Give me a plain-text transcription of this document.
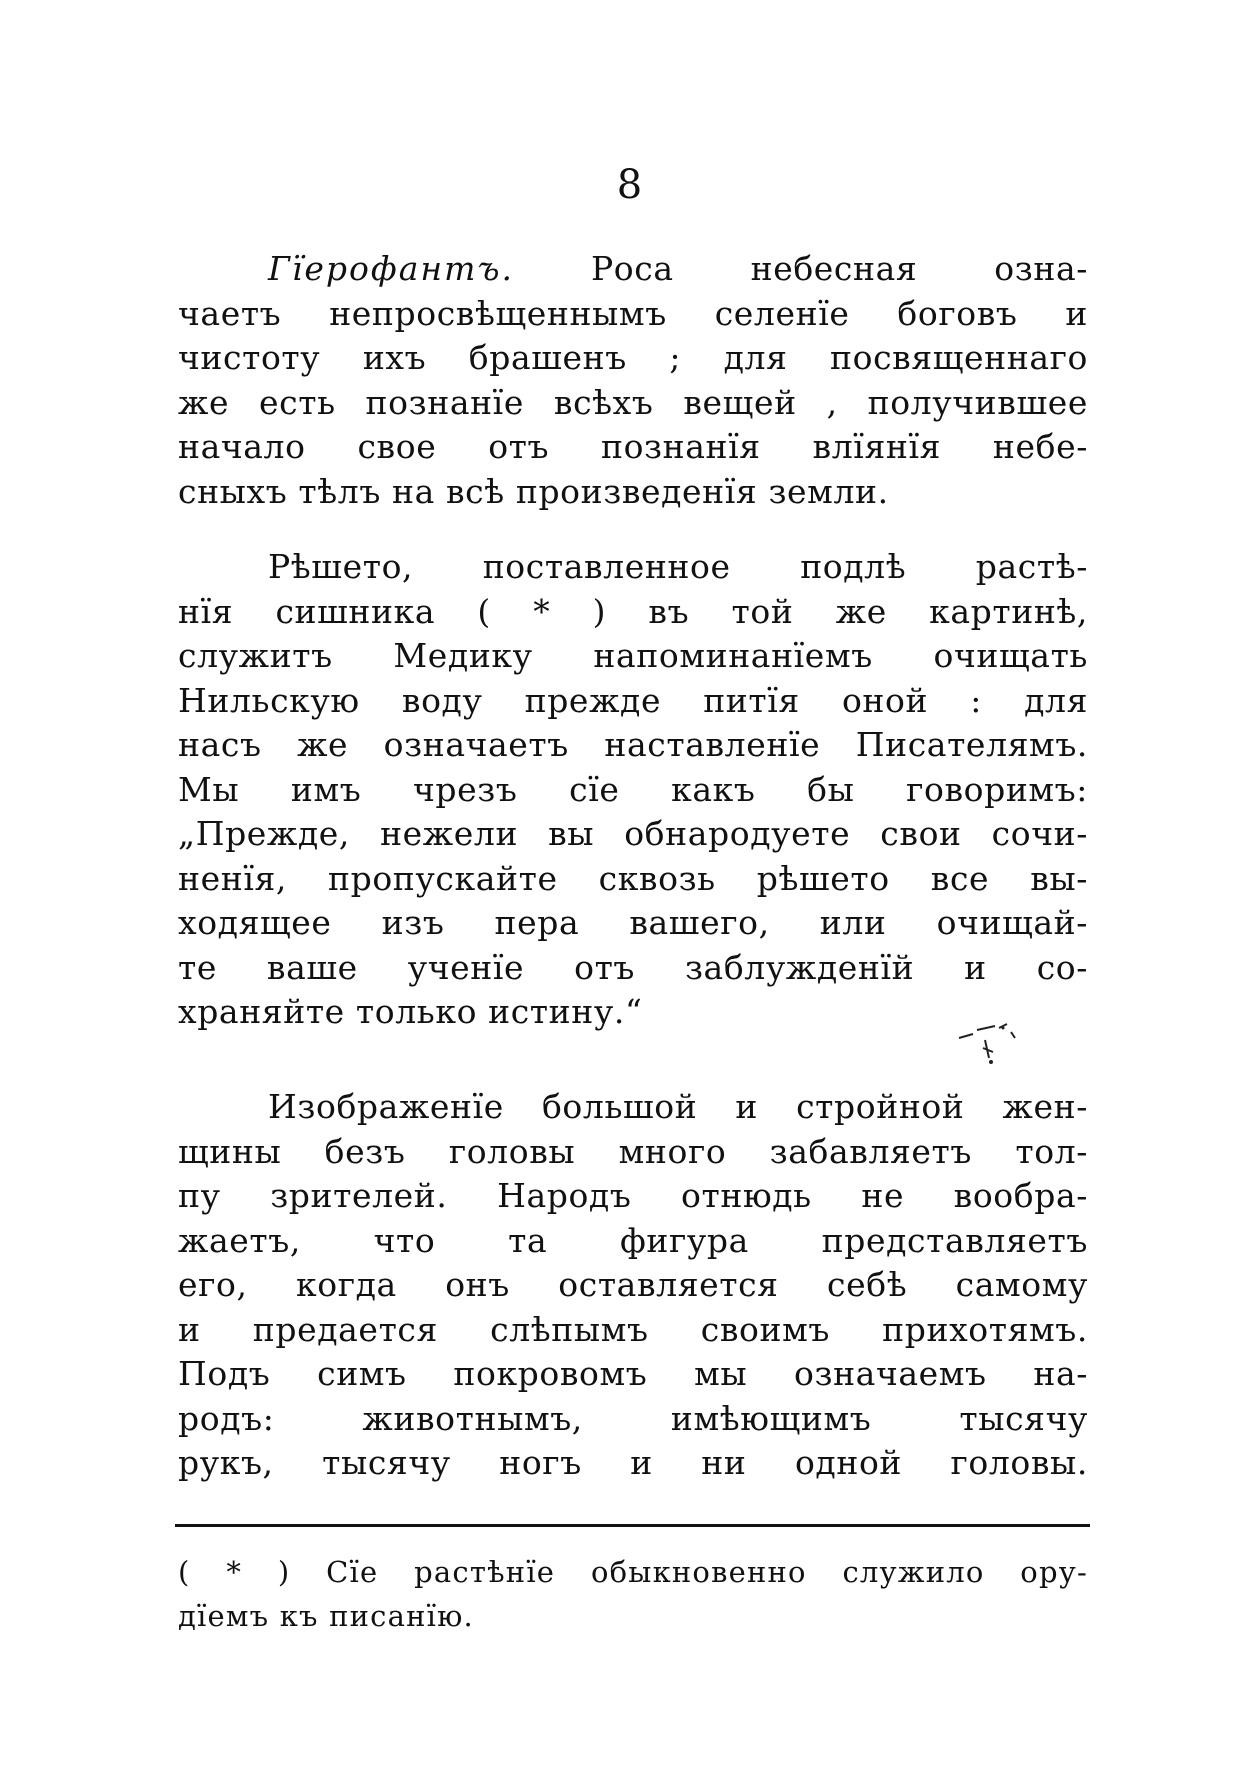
8
Гїерофантъ. Роса небесная озна-
чаетъ непросвѣщеннымъ селенїе боговъ и
чистоту ихъ брашенъ ; для посвященнаго
же есть познанїе всѣхъ вещей , получившее
начало свое отъ познанїя влїянїя небе-
сныхъ тѣлъ на всѣ произведенїя земли.
Рѣшето, поставленное подлѣ растѣ-
нїя сишника ( * ) въ той же картинѣ,
служитъ Медику напоминанїемъ очищать
Нильскую воду прежде питїя оной : для
насъ же означаетъ наставленїе Писателямъ.
Мы имъ чрезъ сїе какъ бы говоримъ:
„Прежде, нежели вы обнародуете свои сочи-
ненїя, пропускайте сквозь рѣшето все вы-
ходящее изъ пера вашего, или очищай-
те ваше ученїе отъ заблужденїй и со-
храняйте только истину.“
Изображенїе большой и стройной жен-
щины безъ головы много забавляетъ тол-
пу зрителей. Народъ отнюдь не вообра-
жаетъ, что та фигура представляетъ
его, когда онъ оставляется себѣ самому
и предается слѣпымъ своимъ прихотямъ.
Подъ симъ покровомъ мы означаемъ на-
родъ: животнымъ, имѣющимъ тысячу
рукъ, тысячу ногъ и ни одной головы.
( * ) Сїе растѣнїе обыкновенно служило ору-
дїемъ къ писанїю.
